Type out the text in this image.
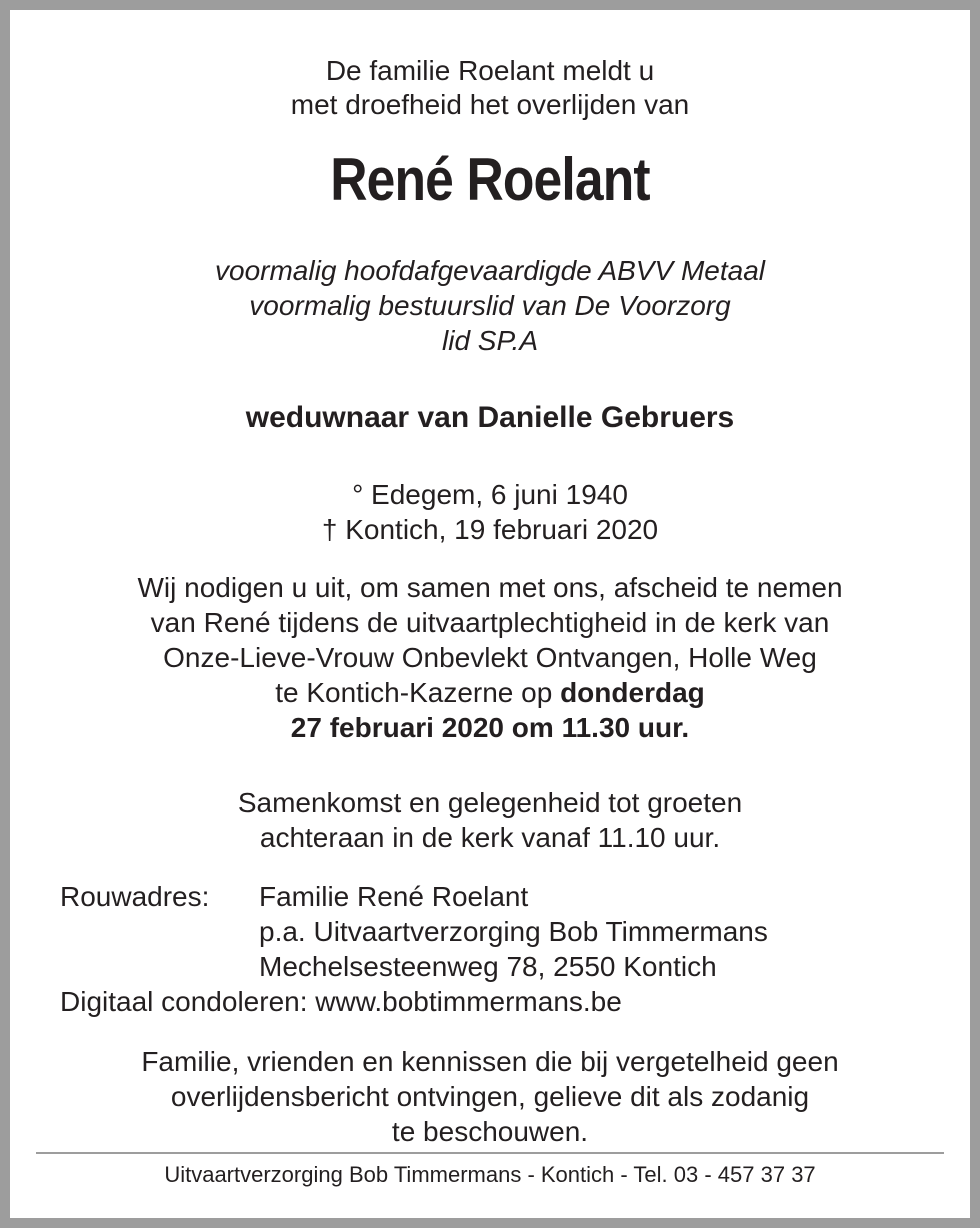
De familie Roelant meldt u
met droefheid het overlijden van
René Roelant
voormalig hoofdafgevaardigde ABVV Metaal
voormalig bestuurslid van De Voorzorg
lid SP.A
weduwnaar van Danielle Gebruers
° Edegem, 6 juni 1940
† Kontich, 19 februari 2020
Wij nodigen u uit, om samen met ons, afscheid te nemen
van René tijdens de uitvaartplechtigheid in de kerk van
Onze-Lieve-Vrouw Onbevlekt Ontvangen, Holle Weg
te Kontich-Kazerne op donderdag
27 februari 2020 om 11.30 uur.
Samenkomst en gelegenheid tot groeten
achteraan in de kerk vanaf 11.10 uur.
Rouwadres: Familie René Roelant
p.a. Uitvaartverzorging Bob Timmermans
Mechelsesteenweg 78, 2550 Kontich
Digitaal condoleren: www.bobtimmermans.be
Familie, vrienden en kennissen die bij vergetelheid geen
overlijdensbericht ontvingen, gelieve dit als zodanig
te beschouwen.
Uitvaartverzorging Bob Timmermans - Kontich - Tel. 03 - 457 37 37
